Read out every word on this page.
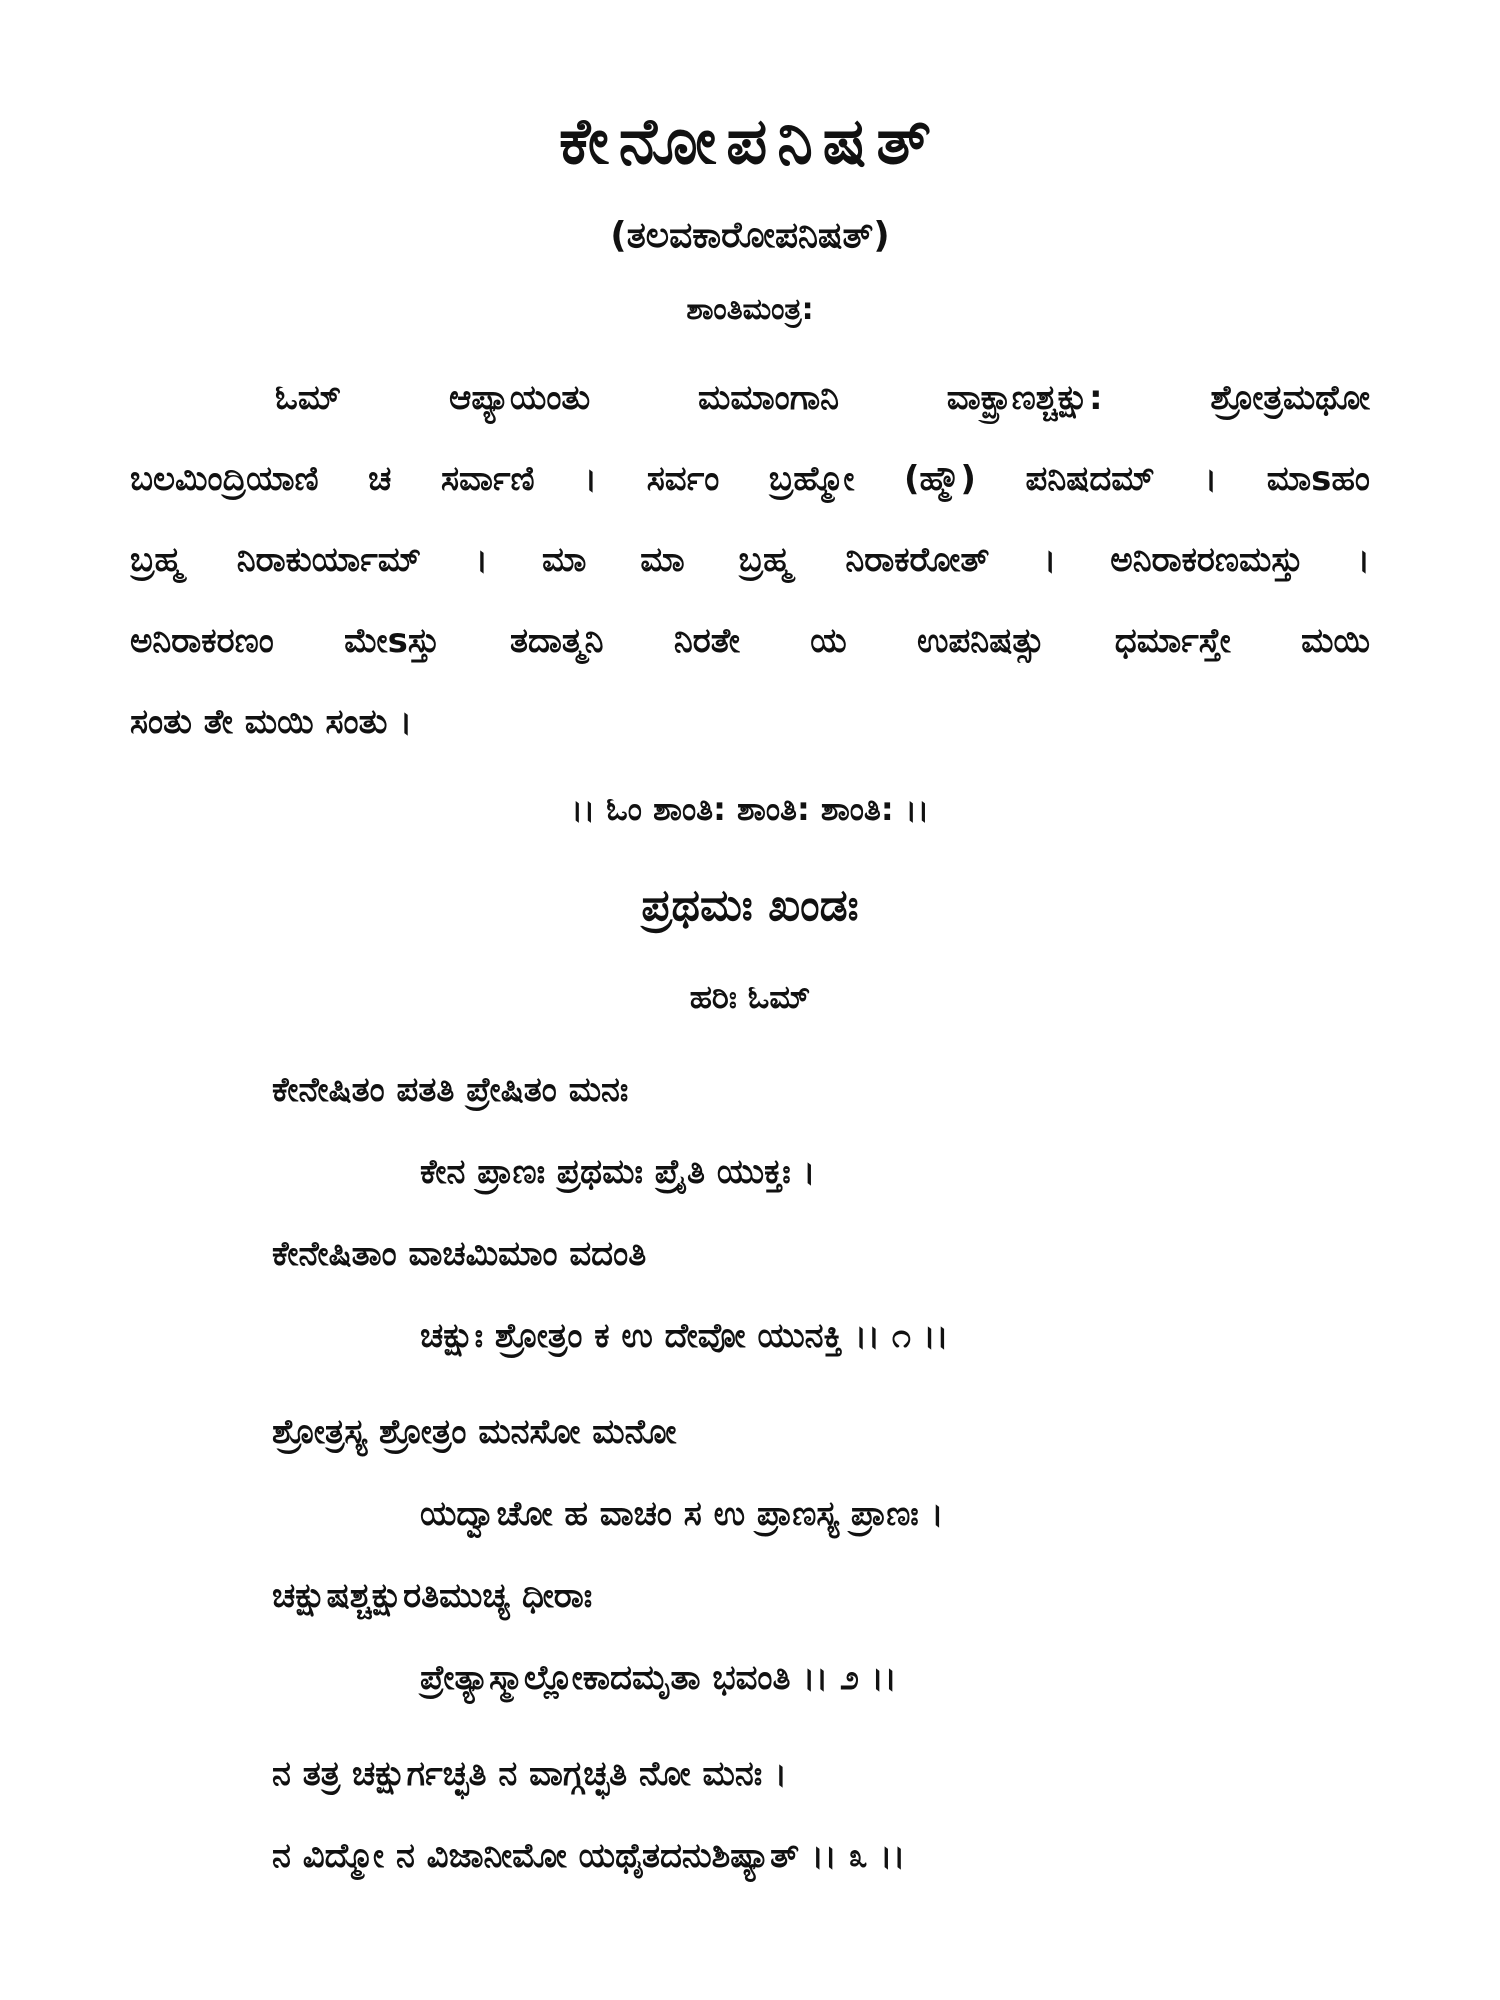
ಕೇನೋಪನಿಷತ್
(ತಲವಕಾರೋಪನಿಷತ್)
ಶಾಂತಿಮಂತ್ರ:
ಓಮ್ ಆಪ್ಯಾಯಂತು ಮಮಾಂಗಾನಿ ವಾಕ್ಪ್ರಾಣಶ್ಚಕ್ಷು: ಶ್ರೋತ್ರಮಥೋ
ಬಲಮಿಂದ್ರಿಯಾಣಿ ಚ ಸರ್ವಾಣಿ । ಸರ್ವಂ ಬ್ರಹ್ಮೋ (ಹ್ಮೌ) ಪನಿಷದಮ್ । ಮಾsಹಂ
ಬ್ರಹ್ಮ ನಿರಾಕುರ್ಯಾಮ್ । ಮಾ ಮಾ ಬ್ರಹ್ಮ ನಿರಾಕರೋತ್ । ಅನಿರಾಕರಣಮಸ್ತು ।
ಅನಿರಾಕರಣಂ ಮೇsಸ್ತು ತದಾತ್ಮನಿ ನಿರತೇ ಯ ಉಪನಿಷತ್ಸು ಧರ್ಮಾಸ್ತೇ ಮಯಿ
ಸಂತು ತೇ ಮಯಿ ಸಂತು ।
।। ಓಂ ಶಾಂತಿ: ಶಾಂತಿ: ಶಾಂತಿ: ।।
ಪ್ರಥಮಃ ಖಂಡಃ
ಹರಿಃ ಓಮ್
ಕೇನೇಷಿತಂ ಪತತಿ ಪ್ರೇಷಿತಂ ಮನಃ
ಕೇನ ಪ್ರಾಣಃ ಪ್ರಥಮಃ ಪ್ರೈತಿ ಯುಕ್ತಃ ।
ಕೇನೇಷಿತಾಂ ವಾಚಮಿಮಾಂ ವದಂತಿ
ಚಕ್ಷುಃ ಶ್ರೋತ್ರಂ ಕ ಉ ದೇವೋ ಯುನಕ್ತಿ ।। ೧ ।।
ಶ್ರೋತ್ರಸ್ಯ ಶ್ರೋತ್ರಂ ಮನಸೋ ಮನೋ
ಯದ್ವಾಚೋ ಹ ವಾಚಂ ಸ ಉ ಪ್ರಾಣಸ್ಯ ಪ್ರಾಣಃ ।
ಚಕ್ಷುಷಶ್ಚಕ್ಷುರತಿಮುಚ್ಯ ಧೀರಾಃ
ಪ್ರೇತ್ಯಾಸ್ಮಾಲ್ಲೋಕಾದಮೃತಾ ಭವಂತಿ ।। ೨ ।।
ನ ತತ್ರ ಚಕ್ಷುರ್ಗಚ್ಛತಿ ನ ವಾಗ್ಗಚ್ಛತಿ ನೋ ಮನಃ ।
ನ ವಿದ್ಮೋ ನ ವಿಜಾನೀಮೋ ಯಥೈತದನುಶಿಷ್ಯಾತ್ ।। ೩ ।।
